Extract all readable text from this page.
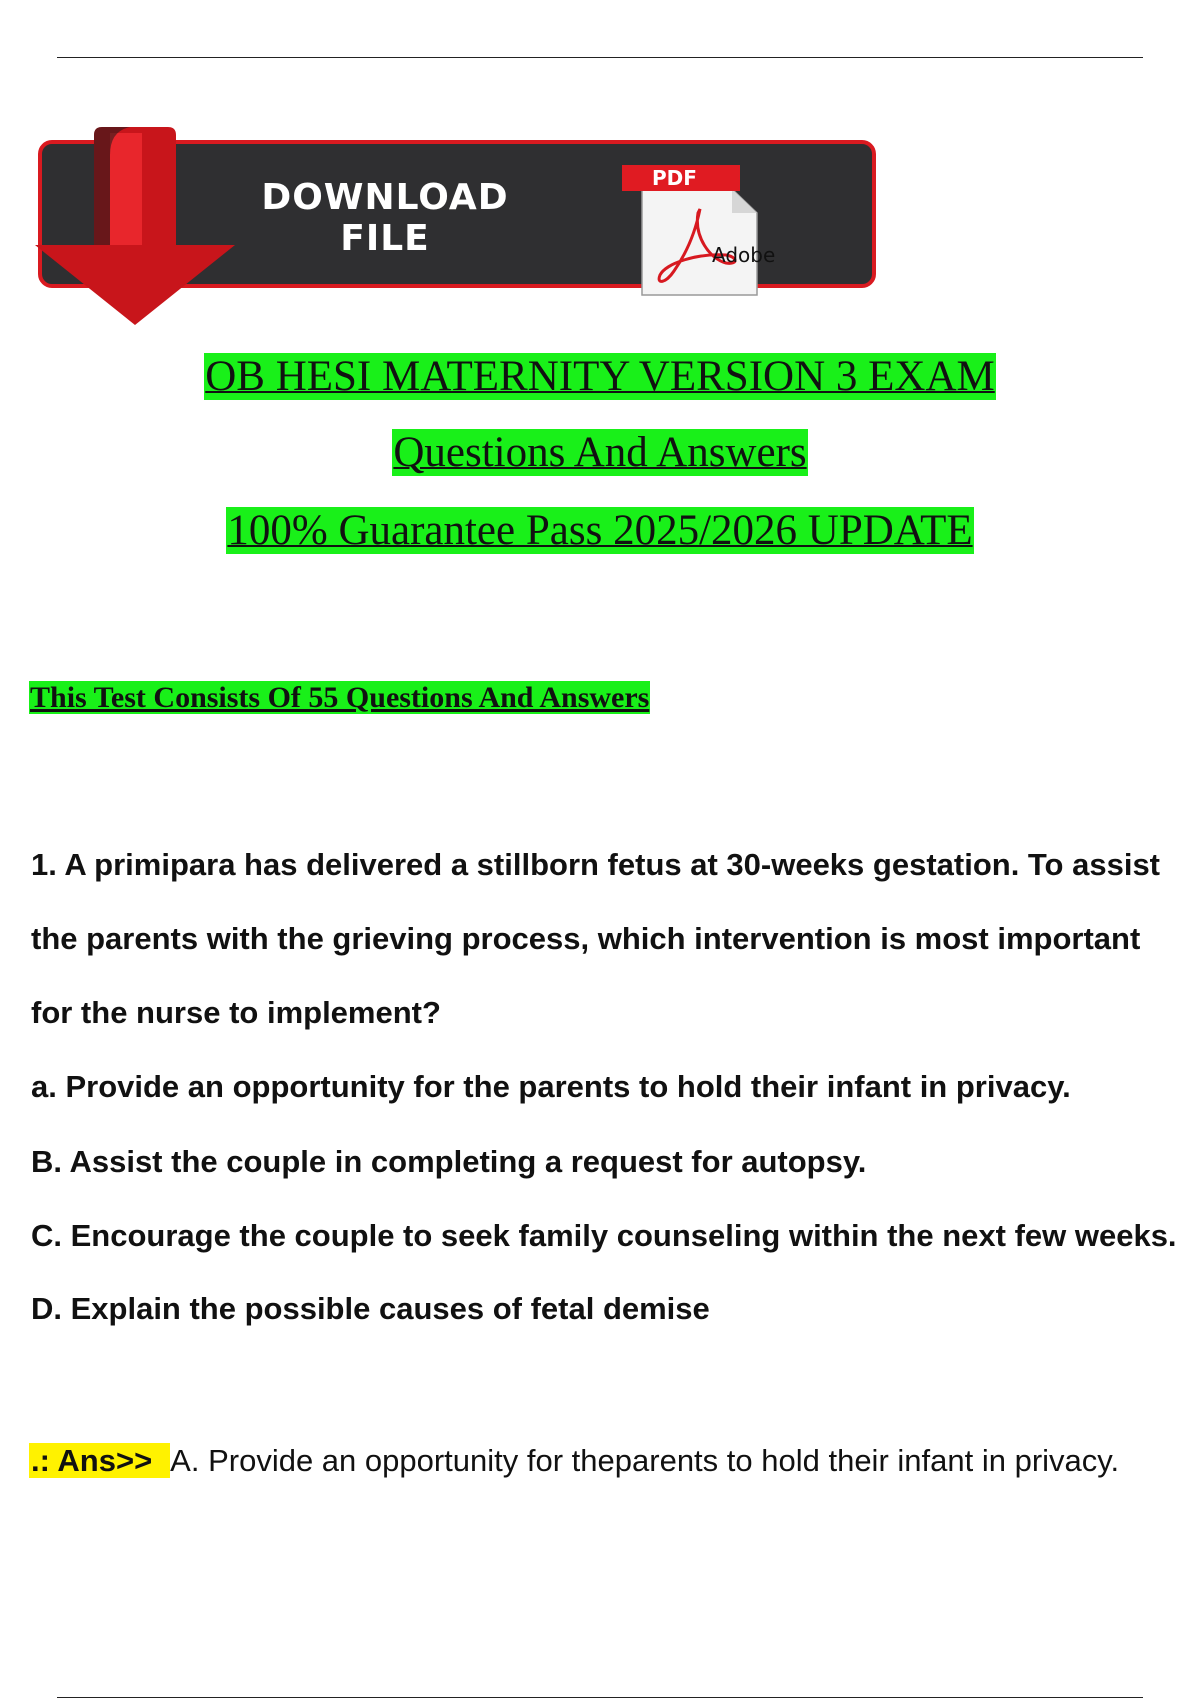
DOWNLOAD
FILE
PDF
Adobe
OB HESI MATERNITY VERSION 3 EXAM
Questions And Answers
100% Guarantee Pass 2025/2026 UPDATE
This Test Consists Of 55 Questions And Answers
1. A primipara has delivered a stillborn fetus at 30-weeks gestation. To assist
the parents with the grieving process, which intervention is most important
for the nurse to implement?
a. Provide an opportunity for the parents to hold their infant in privacy.
B. Assist the couple in completing a request for autopsy.
C. Encourage the couple to seek family counseling within the next few weeks.
D. Explain the possible causes of fetal demise
.: Ans>> A. Provide an opportunity for theparents to hold their infant in privacy.
